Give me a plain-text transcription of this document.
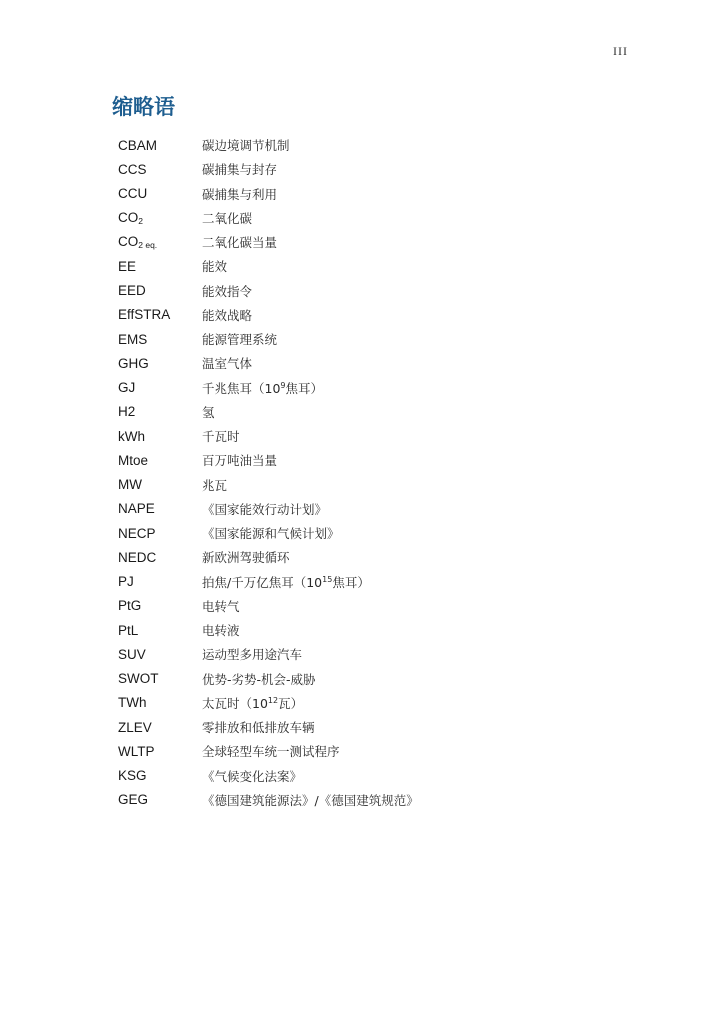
III
缩略语
CBAM	碳边境调节机制
CCS	碳捕集与封存
CCU	碳捕集与利用
$CO_2$	二氧化碳
$CO_{2 eq.}$	二氧化碳当量
EE	能效
EED	能效指令
EffSTRA	能效战略
EMS	能源管理系统
GHG	温室气体
GJ	千兆焦耳（$10^9$焦耳）
H2	氢
kWh	千瓦时
Mtoe	百万吨油当量
MW	兆瓦
NAPE	《国家能效行动计划》
NECP	《国家能源和气候计划》
NEDC	新欧洲驾驶循环
PJ	拍焦/千万亿焦耳（$10^{15}$焦耳）
PtG	电转气
PtL	电转液
SUV	运动型多用途汽车
SWOT	优势-劣势-机会-威胁
TWh	太瓦时（$10^{12}$瓦）
ZLEV	零排放和低排放车辆
WLTP	全球轻型车统一测试程序
KSG	《气候变化法案》
GEG	《德国建筑能源法》/《德国建筑规范》
